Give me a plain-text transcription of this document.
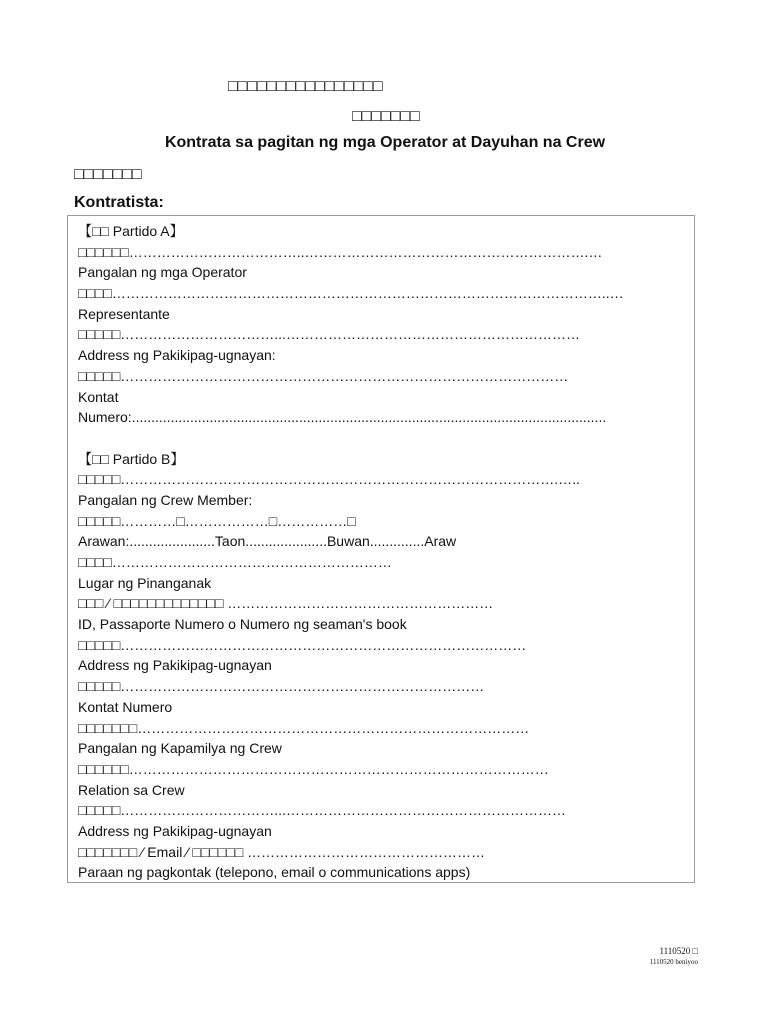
□□□□□□□□□□□□□□□□
□□□□□□□
Kontrata sa pagitan ng mga Operator at Dayuhan na Crew
□□□□□□□
Kontratista:
【□□ Partido A】
□□□□□□………………………………..…………………………………………………….…
Pangalan ng mga Operator
□□□□……………………………………………………………………………………………..…
Representante
□□□□□……………………………...………………………………………………………
Address ng Pakikipag-ugnayan:
□□□□□……………………………………………………………………………………
Kontat
Numero:..........................................................................................................................
【□□ Partido B】
□□□□□………………………………………………………………………………….…..
Pangalan ng Crew Member:
□□□□□…………□………………□……………□
Arawan:......................Taon.....................Buwan..............Araw
□□□□……………………………………………………
Lugar ng Pinanganak
□□□ ⁄ □□□□□□□□□□□□□ …………………………………………………
ID, Passaporte Numero o Numero ng seaman's book
□□□□□……………………………………………………………………………
Address ng Pakikipag-ugnayan
□□□□□……………………………………………………………………
Kontat Numero
□□□□□□□…………………………………………………………………………
Pangalan ng Kapamilya ng Crew
□□□□□□………………………………………………………………………………
Relation sa Crew
□□□□□……………………………...……………………………………………………
Address ng Pakikipag-ugnayan
□□□□□□□ ⁄ Email ⁄ □□□□□□ ……………………………………………
Paraan ng pagkontak (telepono, email o communications apps)
1110520 □
1110520 beniyoo
